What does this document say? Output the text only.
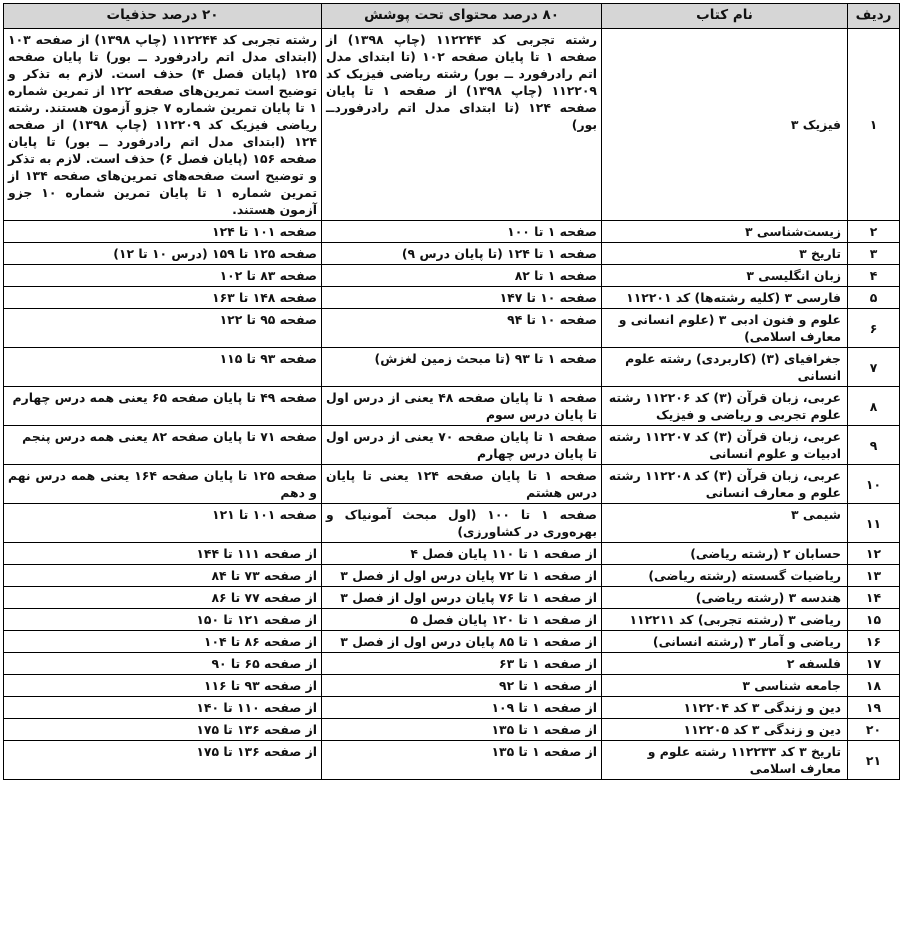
ردیف	نام کتاب	۸۰ درصد محتوای تحت پوشش	۲۰ درصد حذفیات
۱	فیزیک ۳	رشته تجربی کد ۱۱۲۲۴۴ (چاپ ۱۳۹۸) از صفحه ۱ تا پایان صفحه ۱۰۲ (تا ابتدای مدل اتم رادرفورد ــ بور) رشته ریاضی فیزیک کد ۱۱۲۲۰۹ (چاپ ۱۳۹۸) از صفحه ۱ تا پایان صفحه ۱۲۴ (تا ابتدای مدل اتم رادرفوردــ بور)	رشته تجربی کد ۱۱۲۲۴۴ (چاپ ۱۳۹۸) از صفحه ۱۰۳ (ابتدای مدل اتم رادرفورد ــ بور) تا پایان صفحه ۱۲۵ (پایان فصل ۴) حذف است. لازم به تذکر و توضیح است تمرین‌های صفحه ۱۲۲ از تمرین شماره ۱ تا پایان تمرین شماره ۷ جزو آزمون هستند. رشته ریاضی فیزیک کد ۱۱۲۲۰۹ (چاپ ۱۳۹۸) از صفحه ۱۲۴ (ابتدای مدل اتم رادرفورد ــ بور) تا پایان صفحه ۱۵۶ (پایان فصل ۶) حذف است. لازم به تذکر و توضیح است صفحه‌های تمرین‌های صفحه ۱۳۴ از تمرین شماره ۱ تا پایان تمرین شماره ۱۰ جزو آزمون هستند.
۲	زیست‌شناسی ۳	صفحه ۱ تا ۱۰۰	صفحه ۱۰۱ تا ۱۲۴
۳	تاریخ ۳	صفحه ۱ تا ۱۲۴ (تا پایان درس ۹)	صفحه ۱۲۵ تا ۱۵۹ (درس ۱۰ تا ۱۲)
۴	زبان انگلیسی ۳	صفحه ۱ تا ۸۲	صفحه ۸۳ تا ۱۰۲
۵	فارسی ۳ (کلیه رشته‌ها) کد ۱۱۲۲۰۱	صفحه ۱۰ تا ۱۴۷	صفحه ۱۴۸ تا ۱۶۳
۶	علوم و فنون ادبی ۳ (علوم انسانی و معارف اسلامی)	صفحه ۱۰ تا ۹۴	صفحه ۹۵ تا ۱۲۲
۷	جغرافیای (۳) (کاربردی) رشته علوم انسانی	صفحه ۱ تا ۹۳ (تا مبحث زمین لغزش)	صفحه ۹۳ تا ۱۱۵
۸	عربی، زبان قرآن (۳) کد ۱۱۲۲۰۶ رشته علوم تجربی و ریاضی و فیزیک	صفحه ۱ تا پایان صفحه ۴۸ یعنی از درس اول تا پایان درس سوم	صفحه ۴۹ تا پایان صفحه ۶۵ یعنی همه درس چهارم
۹	عربی، زبان قرآن (۳) کد ۱۱۲۲۰۷ رشته ادبیات و علوم انسانی	صفحه ۱ تا پایان صفحه ۷۰ یعنی از درس اول تا پایان درس چهارم	صفحه ۷۱ تا پایان صفحه ۸۲ یعنی همه درس پنجم
۱۰	عربی، زبان قرآن (۳) کد ۱۱۲۲۰۸ رشته علوم و معارف انسانی	صفحه ۱ تا پایان صفحه ۱۲۴ یعنی تا پایان درس هشتم	صفحه ۱۲۵ تا پایان صفحه ۱۶۴ یعنی همه درس نهم و دهم
۱۱	شیمی ۳	صفحه ۱ تا ۱۰۰ (اول مبحث آمونیاک و بهره‌وری در کشاورزی)	صفحه ۱۰۱ تا ۱۲۱
۱۲	حسابان ۲ (رشته ریاضی)	از صفحه ۱ تا ۱۱۰ پایان فصل ۴	از صفحه ۱۱۱ تا ۱۴۴
۱۳	ریاضیات گسسته (رشته ریاضی)	از صفحه ۱ تا ۷۲ پایان درس اول از فصل ۳	از صفحه ۷۳ تا ۸۴
۱۴	هندسه ۳ (رشته ریاضی)	از صفحه ۱ تا ۷۶ پایان درس اول از فصل ۳	از صفحه ۷۷ تا ۸۶
۱۵	ریاضی ۳ (رشته تجربی) کد ۱۱۲۲۱۱	از صفحه ۱ تا ۱۲۰ پایان فصل ۵	از صفحه ۱۲۱ تا ۱۵۰
۱۶	ریاضی و آمار ۳ (رشته انسانی)	از صفحه ۱ تا ۸۵ پایان درس اول از فصل ۳	از صفحه ۸۶ تا ۱۰۴
۱۷	فلسفه ۲	از صفحه ۱ تا ۶۳	از صفحه ۶۵ تا ۹۰
۱۸	جامعه شناسی ۳	از صفحه ۱ تا ۹۲	از صفحه ۹۳ تا ۱۱۶
۱۹	دین و زندگی ۳ کد ۱۱۲۲۰۴	از صفحه ۱ تا ۱۰۹	از صفحه ۱۱۰ تا ۱۴۰
۲۰	دین و زندگی ۳ کد ۱۱۲۲۰۵	از صفحه ۱ تا ۱۳۵	از صفحه ۱۳۶ تا ۱۷۵
۲۱	تاریخ ۳ کد ۱۱۲۲۳۳ رشته علوم و معارف اسلامی	از صفحه ۱ تا ۱۳۵	از صفحه ۱۳۶ تا ۱۷۵
